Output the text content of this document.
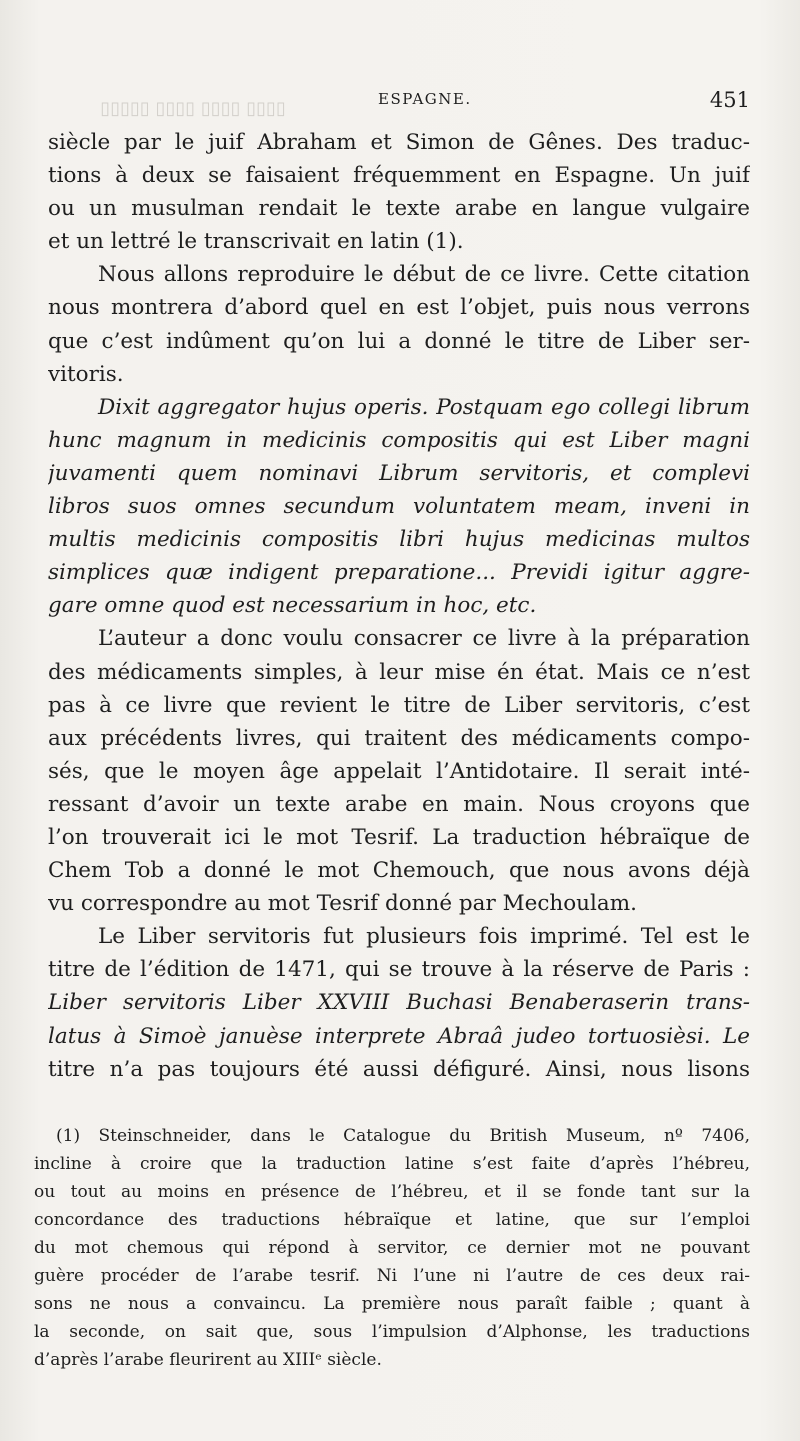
▯▯▯▯ ▯▯▯▯ ▯▯▯▯ ▯▯▯▯▯	ESPAGNE.	451
siècle par le juif Abraham et Simon de Gênes. Des traduc-
tions à deux se faisaient fréquemment en Espagne. Un juif
ou un musulman rendait le texte arabe en langue vulgaire
et un lettré le transcrivait en latin (1).
Nous allons reproduire le début de ce livre. Cette citation
nous montrera d’abord quel en est l’objet, puis nous verrons
que c’est indûment qu’on lui a donné le titre de Liber ser-
vitoris.
Dixit aggregator hujus operis. Postquam ego collegi librum
hunc magnum in medicinis compositis qui est Liber magni
juvamenti quem nominavi Librum servitoris, et complevi
libros suos omnes secundum voluntatem meam, inveni in
multis medicinis compositis libri hujus medicinas multos
simplices quæ indigent preparatione... Previdi igitur aggre-
gare omne quod est necessarium in hoc, etc.
L’auteur a donc voulu consacrer ce livre à la préparation
des médicaments simples, à leur mise én état. Mais ce n’est
pas à ce livre que revient le titre de Liber servitoris, c’est
aux précédents livres, qui traitent des médicaments compo-
sés, que le moyen âge appelait l’Antidotaire. Il serait inté-
ressant d’avoir un texte arabe en main. Nous croyons que
l’on trouverait ici le mot Tesrif. La traduction hébraïque de
Chem Tob a donné le mot Chemouch, que nous avons déjà
vu correspondre au mot Tesrif donné par Mechoulam.
Le Liber servitoris fut plusieurs fois imprimé. Tel est le
titre de l’édition de 1471, qui se trouve à la réserve de Paris :
Liber servitoris Liber XXVIII Buchasi Benaberaserin trans-
latus à Simoè januèse interprete Abraâ judeo tortuosièsi. Le
titre n’a pas toujours été aussi défiguré. Ainsi, nous lisons
(1) Steinschneider, dans le Catalogue du British Museum, nº 7406,
incline à croire que la traduction latine s’est faite d’après l’hébreu,
ou tout au moins en présence de l’hébreu, et il se fonde tant sur la
concordance des traductions hébraïque et latine, que sur l’emploi
du mot chemous qui répond à servitor, ce dernier mot ne pouvant
guère procéder de l’arabe tesrif. Ni l’une ni l’autre de ces deux rai-
sons ne nous a convaincu. La première nous paraît faible ; quant à
la seconde, on sait que, sous l’impulsion d’Alphonse, les traductions
d’après l’arabe fleurirent au XIIIᵉ siècle.
